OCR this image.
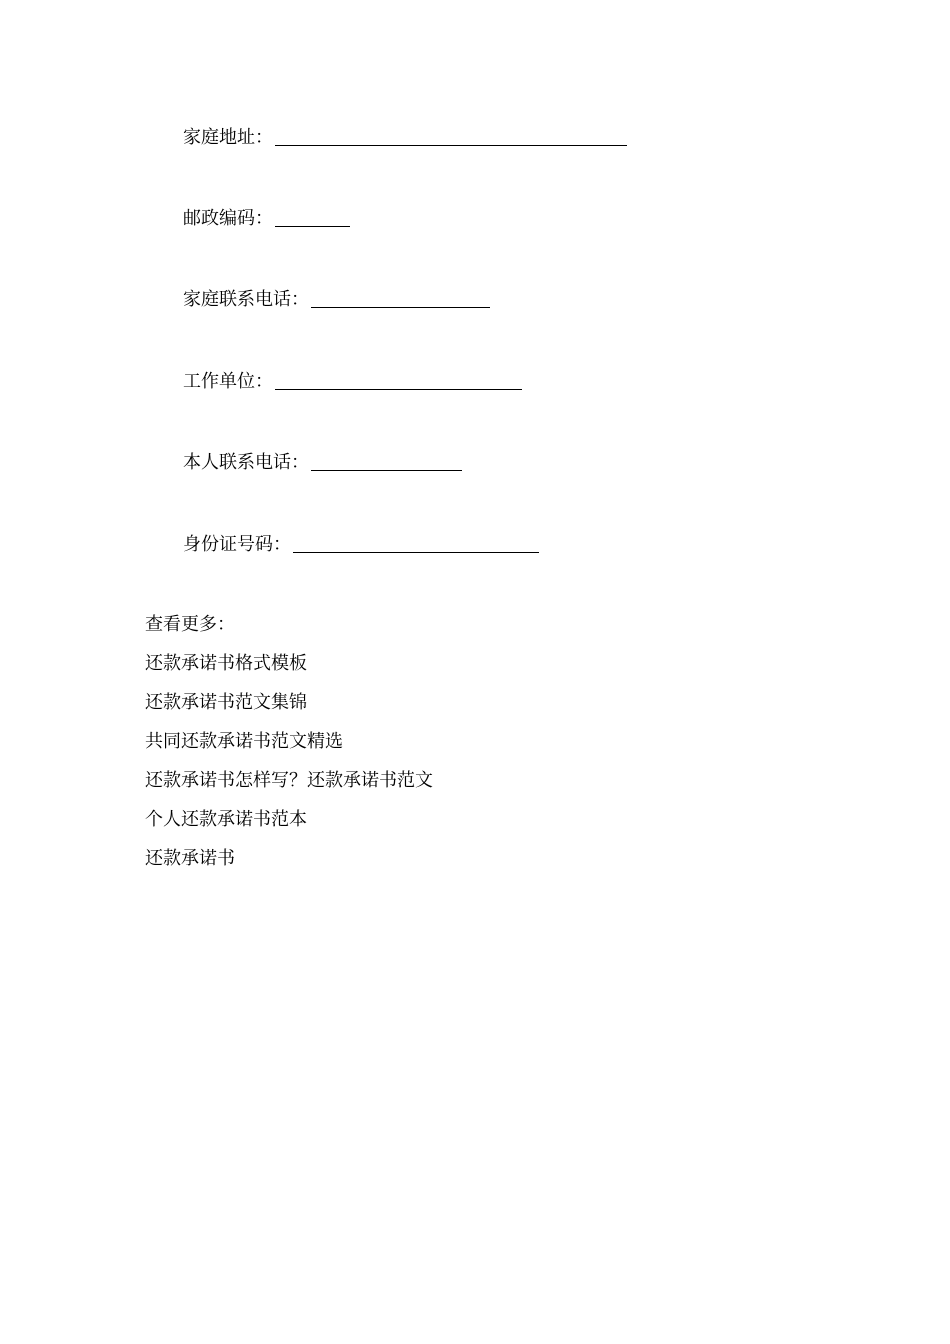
家庭地址：
邮政编码：
家庭联系电话：
工作单位：
本人联系电话：
身份证号码：
查看更多：
还款承诺书格式模板
还款承诺书范文集锦
共同还款承诺书范文精选
还款承诺书怎样写？还款承诺书范文
个人还款承诺书范本
还款承诺书
